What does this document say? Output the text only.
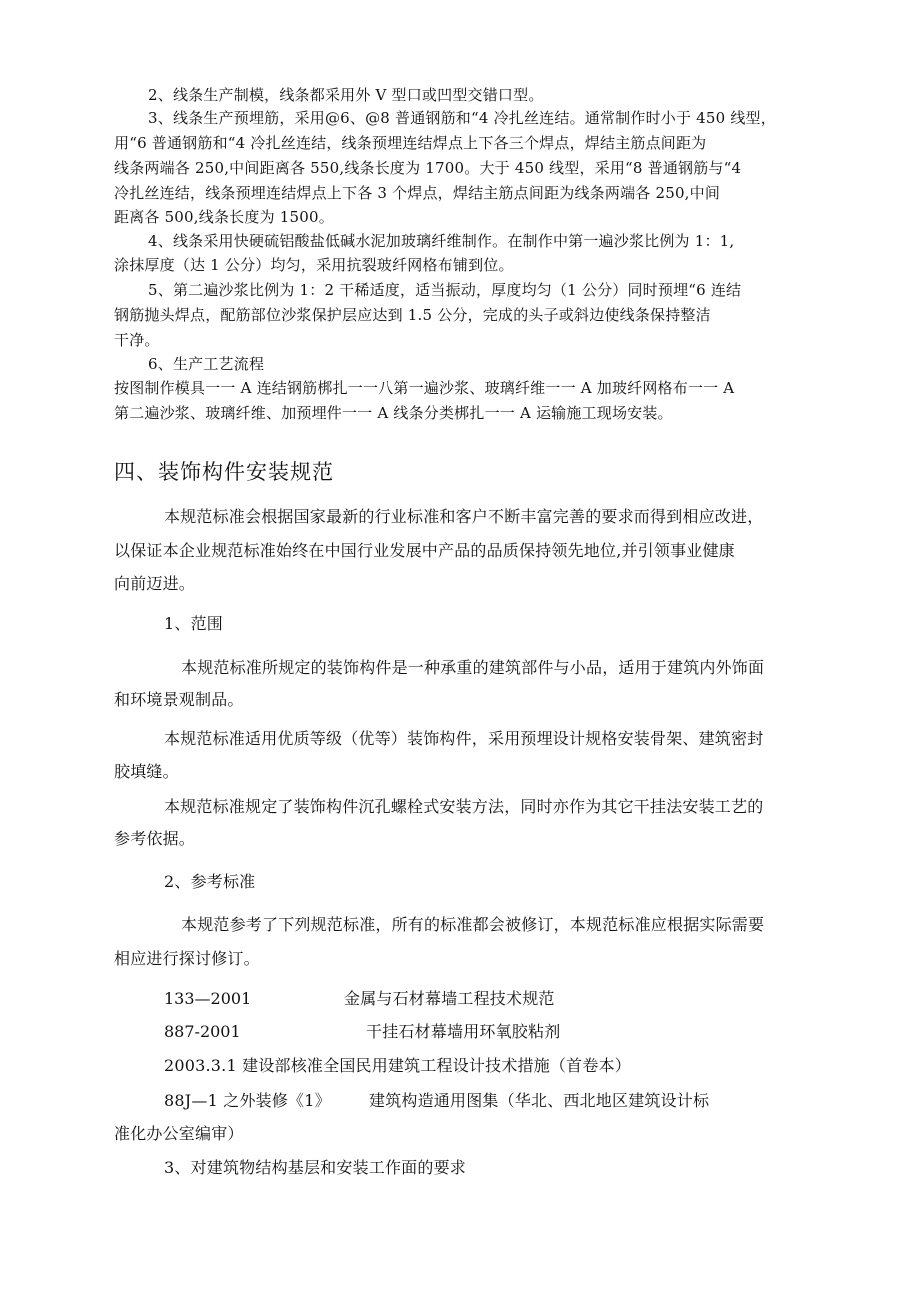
2、线条生产制模，线条都采用外 V 型口或凹型交错口型。
3、线条生产预埋筋，采用@6、@8 普通钢筋和“4 冷扎丝连结。通常制作时小于 450 线型，
用“6 普通钢筋和“4 冷扎丝连结，线条预埋连结焊点上下各三个焊点，焊结主筋点间距为
线条两端各 250,中间距离各 550,线条长度为 1700。大于 450 线型，采用“8 普通钢筋与“4
冷扎丝连结，线条预埋连结焊点上下各 3 个焊点，焊结主筋点间距为线条两端各 250,中间
距离各 500,线条长度为 1500。
4、线条采用快硬硫铝酸盐低碱水泥加玻璃纤维制作。在制作中第一遍沙浆比例为 1：1,
涂抹厚度（达 1 公分）均匀，采用抗裂玻纤网格布铺到位。
5、第二遍沙浆比例为 1：2 干稀适度，适当振动，厚度均匀（1 公分）同时预埋“6 连结
钢筋抛头焊点，配筋部位沙浆保护层应达到 1.5 公分，完成的头子或斜边使线条保持整洁
干净。
6、生产工艺流程
按图制作模具一一 A 连结钢筋梆扎一一八第一遍沙浆、玻璃纤维一一 A 加玻纤网格布一一 A
第二遍沙浆、玻璃纤维、加预埋件一一 A 线条分类梆扎一一 A 运输施工现场安装。
四、装饰构件安装规范
本规范标准会根据国家最新的行业标准和客户不断丰富完善的要求而得到相应改进，
以保证本企业规范标准始终在中国行业发展中产品的品质保持领先地位,并引领事业健康
向前迈进。
1、范围
本规范标准所规定的装饰构件是一种承重的建筑部件与小品，适用于建筑内外饰面
和环境景观制品。
本规范标准适用优质等级（优等）装饰构件，采用预埋设计规格安装骨架、建筑密封
胶填缝。
本规范标准规定了装饰构件沉孔螺栓式安装方法，同时亦作为其它干挂法安装工艺的
参考依据。
2、参考标准
本规范参考了下列规范标准，所有的标准都会被修订，本规范标准应根据实际需要
相应进行探讨修订。
133—2001	金属与石材幕墙工程技术规范
887-2001	干挂石材幕墙用环氧胶粘剂
2003.3.1 建设部核准全国民用建筑工程设计技术措施（首卷本）
88J—1 之外装修《1》 建筑构造通用图集（华北、西北地区建筑设计标
准化办公室编审）
3、对建筑物结构基层和安装工作面的要求
